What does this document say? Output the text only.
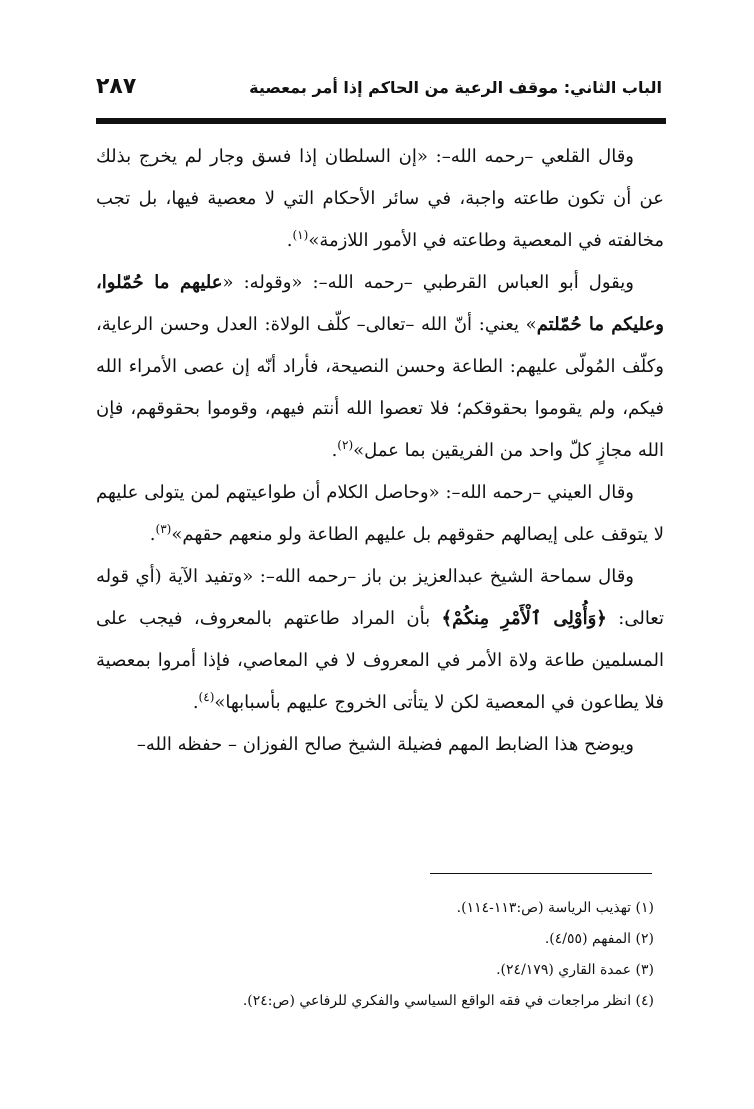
الباب الثاني: موقف الرعية من الحاكم إذا أمر بمعصية
٢٨٧

وقال القلعي –رحمه الله–: «إن السلطان إذا فسق وجار لم يخرج بذلك عن أن تكون طاعته واجبة، في سائر الأحكام التي لا معصية فيها، بل تجب مخالفته في المعصية وطاعته في الأمور اللازمة»$^{(١)}$.

ويقول أبو العباس القرطبي –رحمه الله–: «وقوله: «عليهم ما حُمّلوا، وعليكم ما حُمّلتم» يعني: أنّ الله –تعالى– كلّف الولاة: العدل وحسن الرعاية، وكلّف المُولّى عليهم: الطاعة وحسن النصيحة، فأراد أنّه إن عصى الأمراء الله فيكم، ولم يقوموا بحقوقكم؛ فلا تعصوا الله أنتم فيهم، وقوموا بحقوقهم، فإن الله مجازٍ كلّ واحد من الفريقين بما عمل»$^{(٢)}$.

وقال العيني –رحمه الله–: «وحاصل الكلام أن طواعيتهم لمن يتولى عليهم لا يتوقف على إيصالهم حقوقهم بل عليهم الطاعة ولو منعهم حقهم»$^{(٣)}$.

وقال سماحة الشيخ عبدالعزيز بن باز –رحمه الله–: «وتفيد الآية (أي قوله تعالى: ﴿وَأُوْلِى ٱلْأَمْرِ مِنكُمْ﴾ بأن المراد طاعتهم بالمعروف، فيجب على المسلمين طاعة ولاة الأمر في المعروف لا في المعاصي، فإذا أمروا بمعصية فلا يطاعون في المعصية لكن لا يتأتى الخروج عليهم بأسبابها»$^{(٤)}$.

ويوضح هذا الضابط المهم فضيلة الشيخ صالح الفوزان – حفظه الله–

(١) تهذيب الرياسة (ص:١١٣-١١٤).

(٢) المفهم (٤/٥٥).

(٣) عمدة القاري (٢٤/١٧٩).

(٤) انظر مراجعات في فقه الواقع السياسي والفكري للرفاعي (ص:٢٤).
